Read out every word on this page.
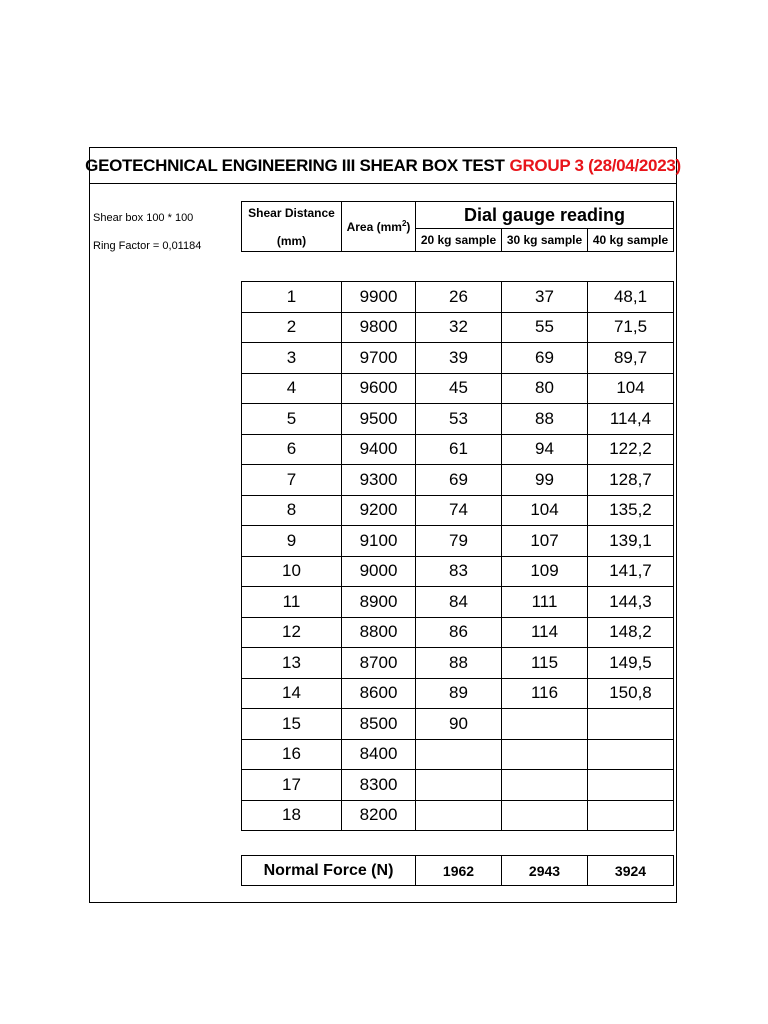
GEOTECHNICAL ENGINEERING III SHEAR BOX TEST GROUP 3 (28/04/2023)
Shear box 100 * 100
Ring Factor = 0,01184
Shear Distance

(mm)	Area $(mm^2)$	Dial gauge reading		
		20 kg sample	30 kg sample	40 kg sample
1	9900	26	37	48,1
2	9800	32	55	71,5
3	9700	39	69	89,7
4	9600	45	80	104
5	9500	53	88	114,4
6	9400	61	94	122,2
7	9300	69	99	128,7
8	9200	74	104	135,2
9	9100	79	107	139,1
10	9000	83	109	141,7
11	8900	84	111	144,3
12	8800	86	114	148,2
13	8700	88	115	149,5
14	8600	89	116	150,8
15	8500	90		
16	8400			
17	8300			
18	8200			
Normal Force (N)	1962	2943	3924
